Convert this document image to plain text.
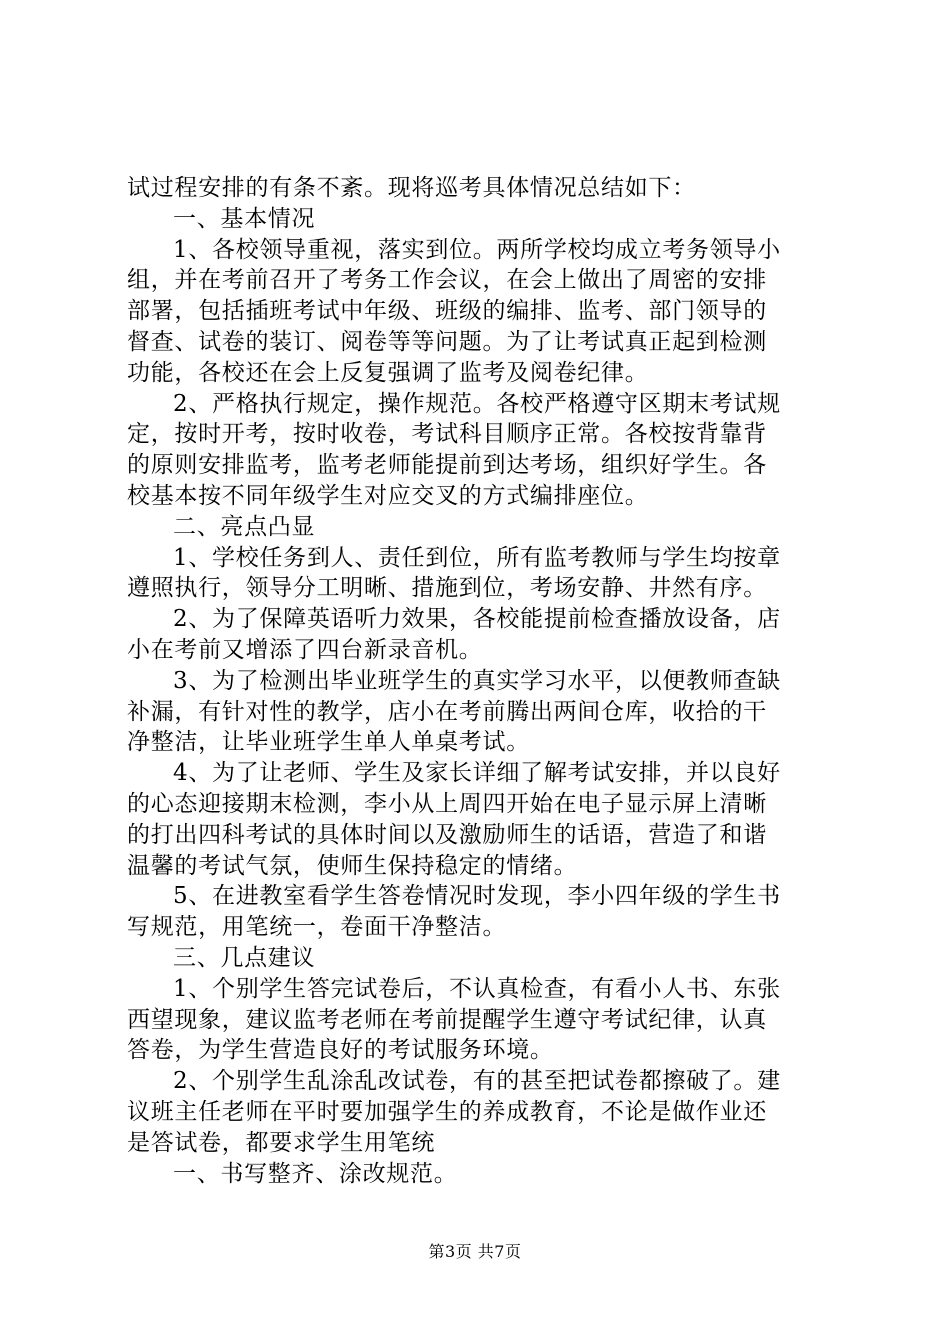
试过程安排的有条不紊。现将巡考具体情况总结如下：
一、基本情况
1、各校领导重视，落实到位。两所学校均成立考务领导小
组，并在考前召开了考务工作会议，在会上做出了周密的安排
部署，包括插班考试中年级、班级的编排、监考、部门领导的
督查、试卷的装订、阅卷等等问题。为了让考试真正起到检测
功能，各校还在会上反复强调了监考及阅卷纪律。
2、严格执行规定，操作规范。各校严格遵守区期末考试规
定，按时开考，按时收卷，考试科目顺序正常。各校按背靠背
的原则安排监考，监考老师能提前到达考场，组织好学生。各
校基本按不同年级学生对应交叉的方式编排座位。
二、亮点凸显
1、学校任务到人、责任到位，所有监考教师与学生均按章
遵照执行，领导分工明晰、措施到位，考场安静、井然有序。
2、为了保障英语听力效果，各校能提前检查播放设备，店
小在考前又增添了四台新录音机。
3、为了检测出毕业班学生的真实学习水平，以便教师查缺
补漏，有针对性的教学，店小在考前腾出两间仓库，收拾的干
净整洁，让毕业班学生单人单桌考试。
4、为了让老师、学生及家长详细了解考试安排，并以良好
的心态迎接期末检测，李小从上周四开始在电子显示屏上清晰
的打出四科考试的具体时间以及激励师生的话语，营造了和谐
温馨的考试气氛，使师生保持稳定的情绪。
5、在进教室看学生答卷情况时发现，李小四年级的学生书
写规范，用笔统一，卷面干净整洁。
三、几点建议
1、个别学生答完试卷后，不认真检查，有看小人书、东张
西望现象，建议监考老师在考前提醒学生遵守考试纪律，认真
答卷，为学生营造良好的考试服务环境。
2、个别学生乱涂乱改试卷，有的甚至把试卷都擦破了。建
议班主任老师在平时要加强学生的养成教育，不论是做作业还
是答试卷，都要求学生用笔统
一、书写整齐、涂改规范。
第3页 共7页
